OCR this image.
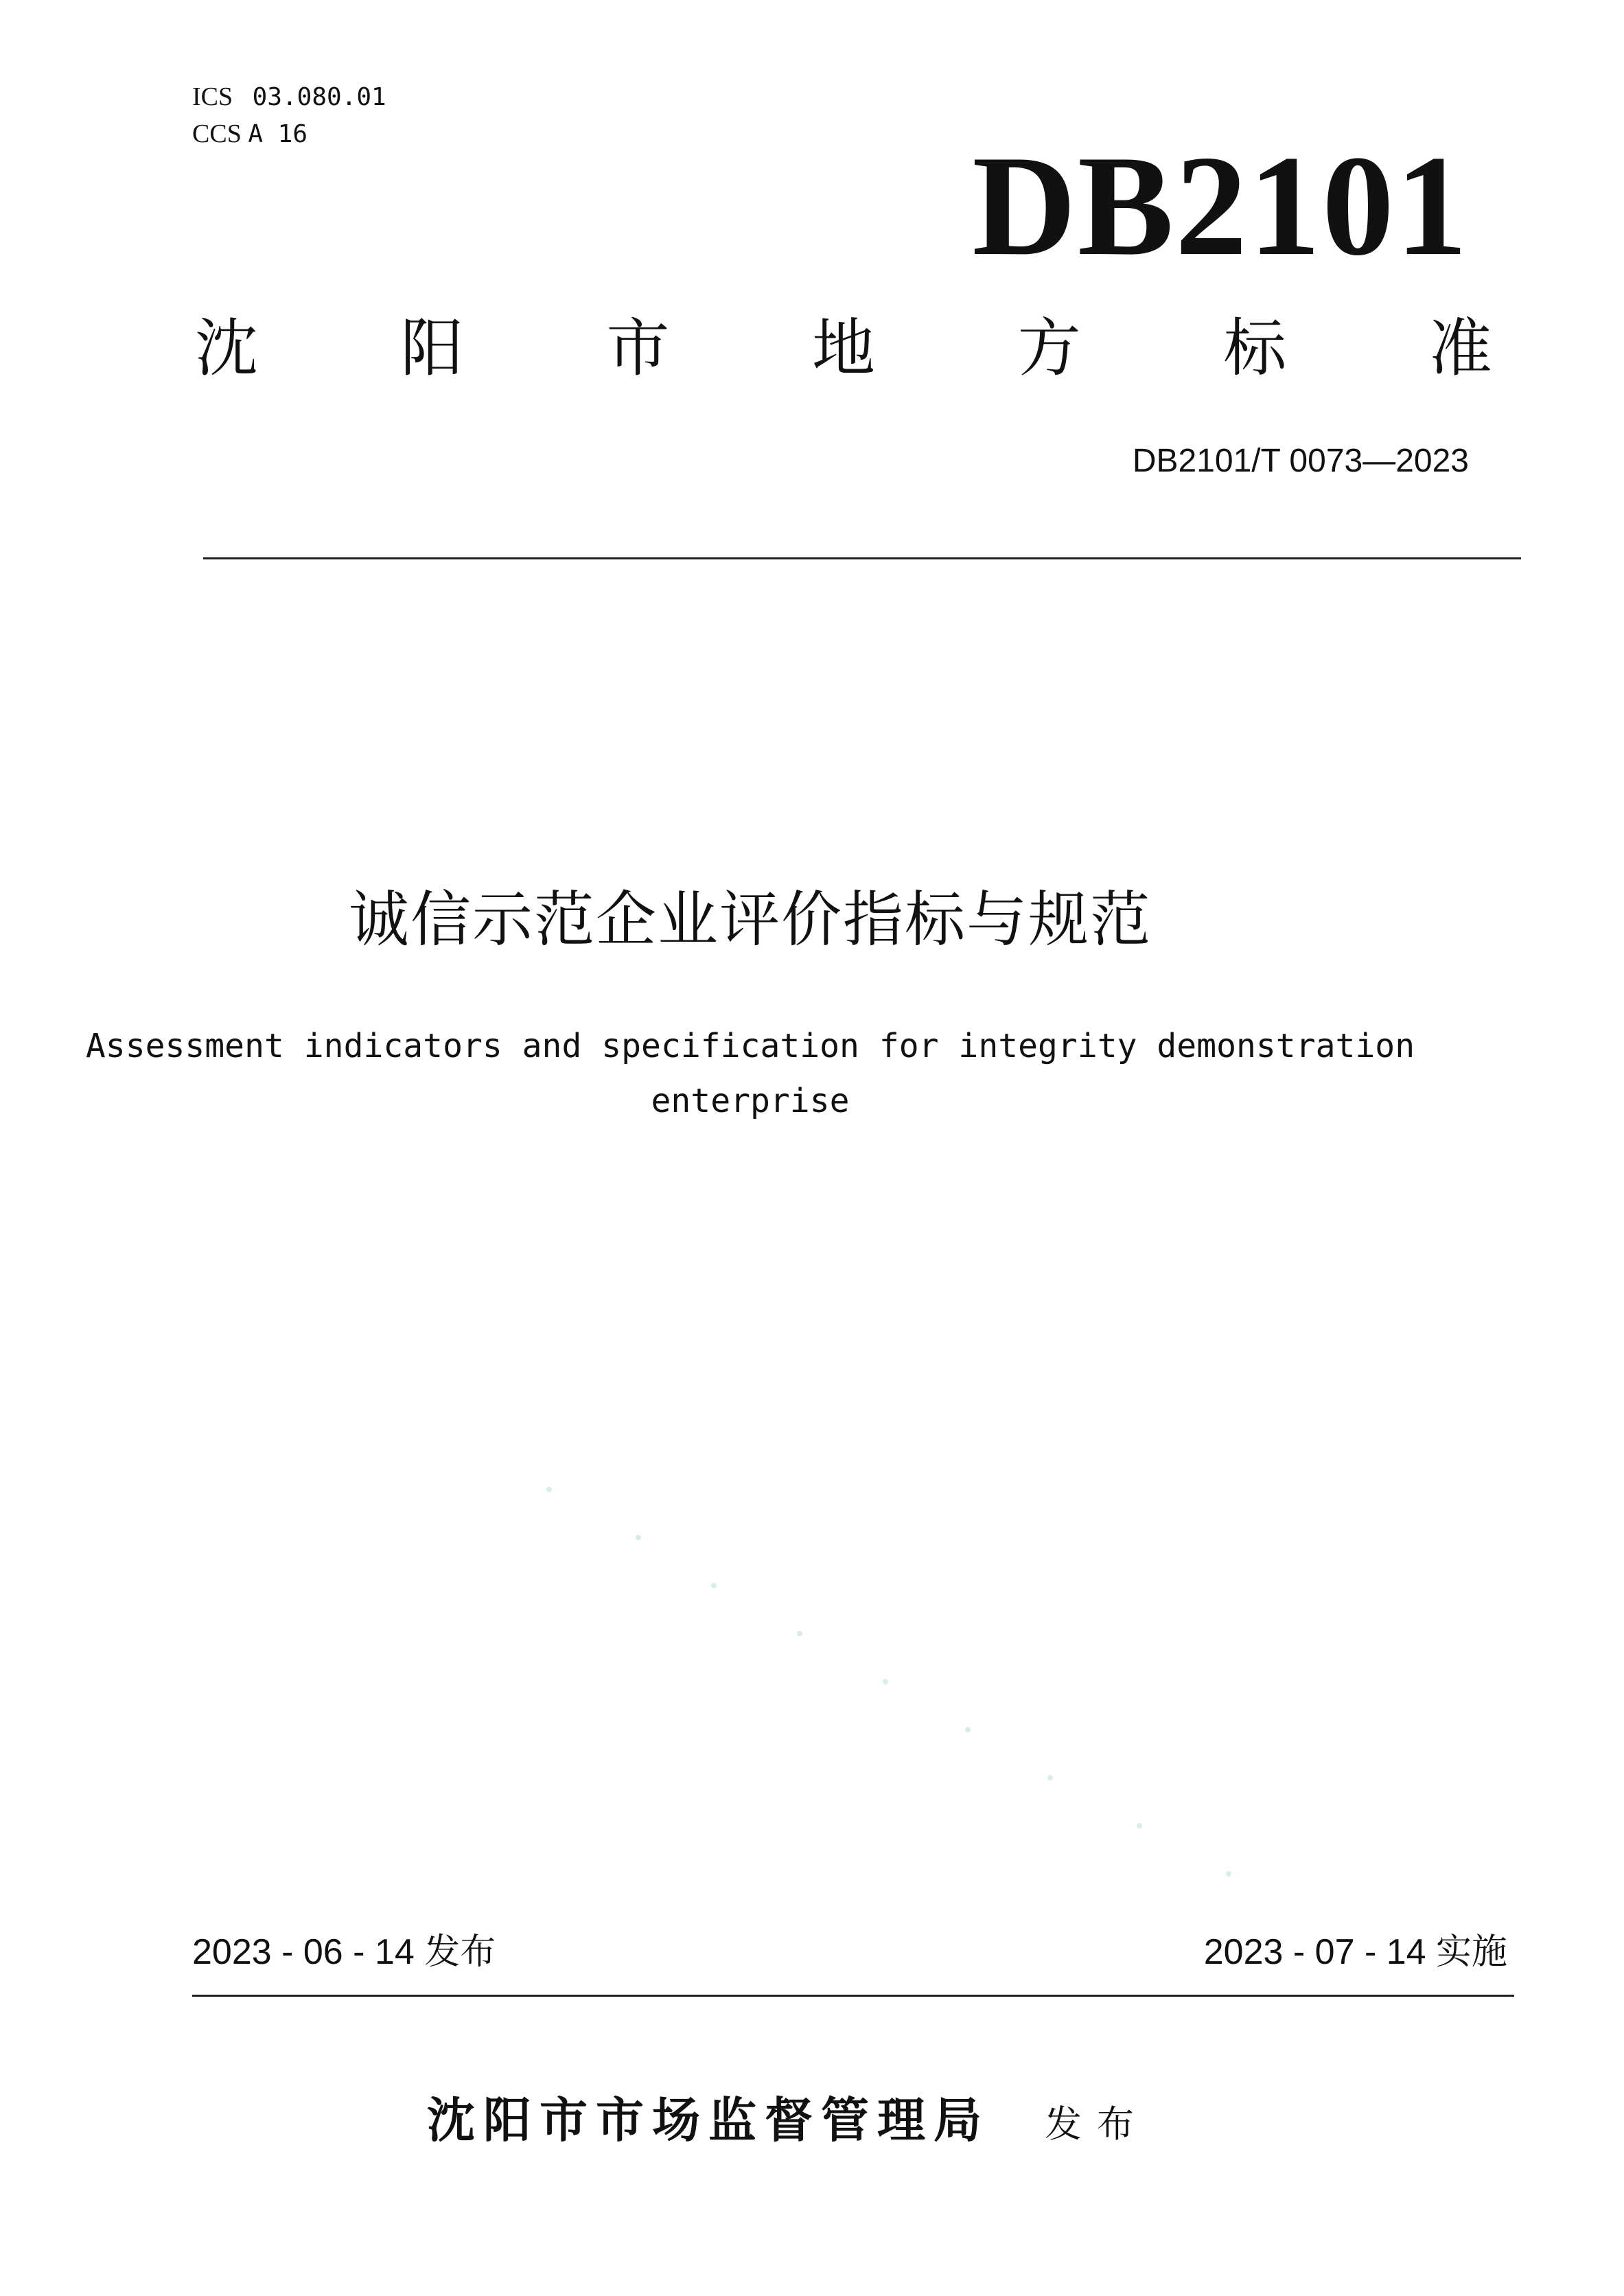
ICS 03.080.01
CCS A 16	DB2101
沈 阳 市 地 方 标 准
DB2101/T 0073—2023
诚信示范企业评价指标与规范
Assessment indicators and specification for integrity demonstration
enterprise
2023 - 06 - 14 发布	2023 - 07 - 14 实施
沈阳市市场监督管理局 发布
